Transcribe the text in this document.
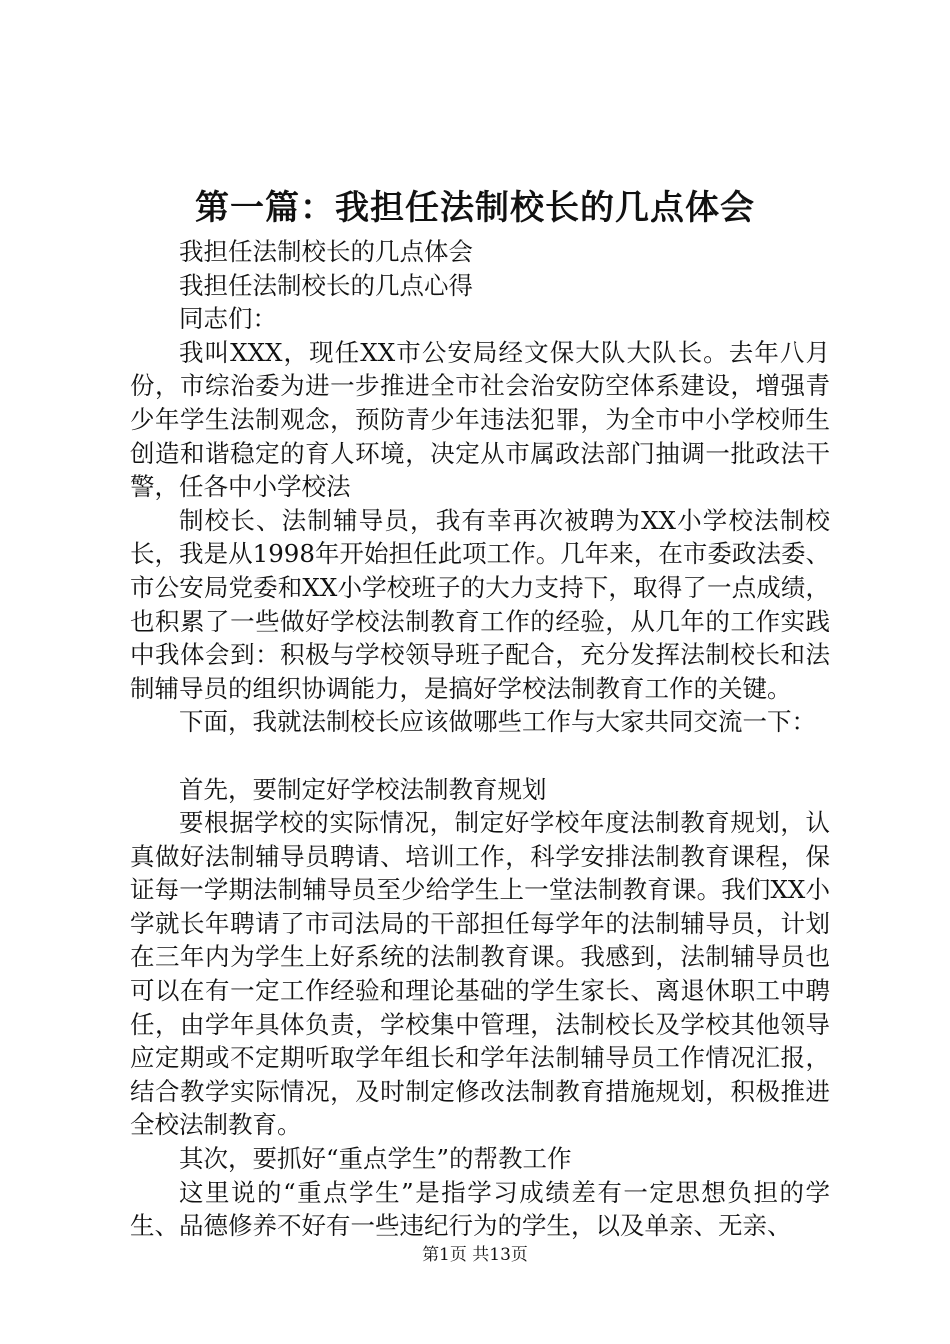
第一篇：我担任法制校长的几点体会

我担任法制校长的几点体会

我担任法制校长的几点心得

同志们：

我叫XXX，现任XX市公安局经文保大队大队长。去年八月份，市综治委为进一步推进全市社会治安防空体系建设，增强青少年学生法制观念，预防青少年违法犯罪，为全市中小学校师生创造和谐稳定的育人环境，决定从市属政法部门抽调一批政法干警，任各中小学校法

制校长、法制辅导员，我有幸再次被聘为XX小学校法制校长，我是从1998年开始担任此项工作。几年来，在市委政法委、市公安局党委和XX小学校班子的大力支持下，取得了一点成绩，也积累了一些做好学校法制教育工作的经验，从几年的工作实践中我体会到：积极与学校领导班子配合，充分发挥法制校长和法制辅导员的组织协调能力，是搞好学校法制教育工作的关键。

下面，我就法制校长应该做哪些工作与大家共同交流一下：

首先，要制定好学校法制教育规划

要根据学校的实际情况，制定好学校年度法制教育规划，认真做好法制辅导员聘请、培训工作，科学安排法制教育课程，保证每一学期法制辅导员至少给学生上一堂法制教育课。我们XX小学就长年聘请了市司法局的干部担任每学年的法制辅导员，计划在三年内为学生上好系统的法制教育课。我感到，法制辅导员也可以在有一定工作经验和理论基础的学生家长、离退休职工中聘任，由学年具体负责，学校集中管理，法制校长及学校其他领导应定期或不定期听取学年组长和学年法制辅导员工作情况汇报，结合教学实际情况，及时制定修改法制教育措施规划，积极推进全校法制教育。

其次，要抓好“重点学生”的帮教工作

这里说的“重点学生”是指学习成绩差有一定思想负担的学生、品德修养不好有一些违纪行为的学生，以及单亲、无亲、

第1页 共13页
